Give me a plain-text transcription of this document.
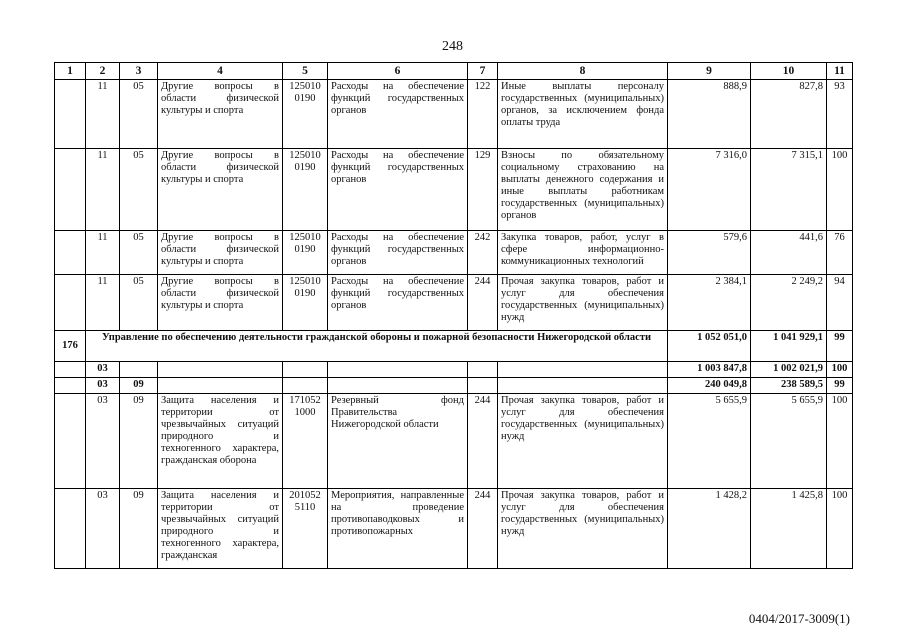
248
1	2	3	4	5	6	7	8	9	10	11
	11	05	Другие вопросы в области физической культуры и спорта	125010 0190	Расходы на обеспечение функций государственных органов	122	Иные выплаты персоналу государственных (муниципальных) органов, за исключением фонда оплаты труда	888,9	827,8	93
	11	05	Другие вопросы в области физической культуры и спорта	125010 0190	Расходы на обеспечение функций государственных органов	129	Взносы по обязательному социальному страхованию на выплаты денежного содержания и иные выплаты работникам государственных (муниципальных) органов	7 316,0	7 315,1	100
	11	05	Другие вопросы в области физической культуры и спорта	125010 0190	Расходы на обеспечение функций государственных органов	242	Закупка товаров, работ, услуг в сфере информационно-коммуникационных технологий	579,6	441,6	76
	11	05	Другие вопросы в области физической культуры и спорта	125010 0190	Расходы на обеспечение функций государственных органов	244	Прочая закупка товаров, работ и услуг для обеспечения государственных (муниципальных) нужд	2 384,1	2 249,2	94
176	Управление по обеспечению деятельности гражданской обороны и пожарной безопасности Нижегородской области							1 052 051,0	1 041 929,1	99
	03							1 003 847,8	1 002 021,9	100
	03	09						240 049,8	238 589,5	99
	03	09	Защита населения и территории от чрезвычайных ситуаций природного и техногенного характера, гражданская оборона	171052 1000	Резервный фонд Правительства Нижегородской области	244	Прочая закупка товаров, работ и услуг для обеспечения государственных (муниципальных) нужд	5 655,9	5 655,9	100
	03	09	Защита населения и территории от чрезвычайных ситуаций природного и техногенного характера, гражданская	201052 5110	Мероприятия, направленные на проведение противопаводковых и противопожарных	244	Прочая закупка товаров, работ и услуг для обеспечения государственных (муниципальных) нужд	1 428,2	1 425,8	100
0404/2017-3009(1)
